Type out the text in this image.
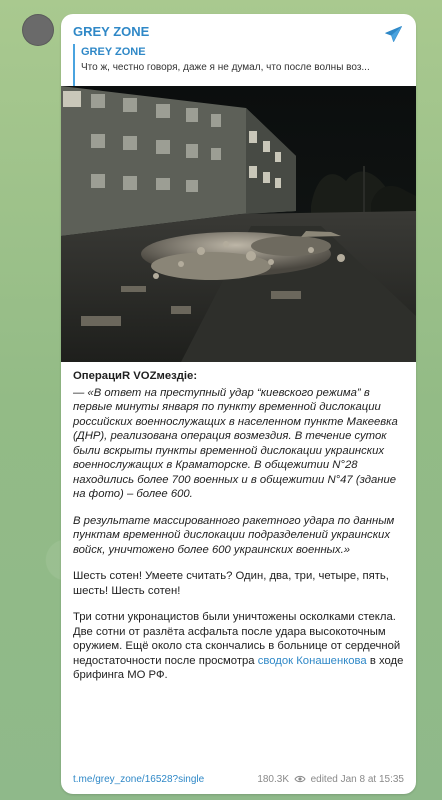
GREY ZONE
GREY ZONE
Что ж, честно говоря, даже я не думал, что после волны воз...

ОперациR VOZмездiе:

— «В ответ на преступный удар “киевского режима” в первые минуты января по пункту временной дислокации российских военнослужащих в населенном пункте Макеевка (ДНР), реализована операция возмездия. В течение суток были вскрыты пункты временной дислокации украинских военнослужащих в Краматорске. В общежитии N°28 находились более 700 военных и в общежитии N°47 (здание на фото) – более 600.

В результате массированного ракетного удара по данным пунктам временной дислокации подразделений украинских войск, уничтожено более 600 украинских военных.»

Шесть сотен! Умеете считать? Один, два, три, четыре, пять, шесть! Шесть сотен!

Три сотни укронацистов были уничтожены осколками стекла. Две сотни от разлёта асфальта после удара высокоточным оружием. Ещё около ста скончались в больнице от сердечной недостаточности после просмотра сводок Конашенкова в ходе брифинга МО РФ.

t.me/grey_zone/16528?single	180.3K edited Jan 8 at 15:35
